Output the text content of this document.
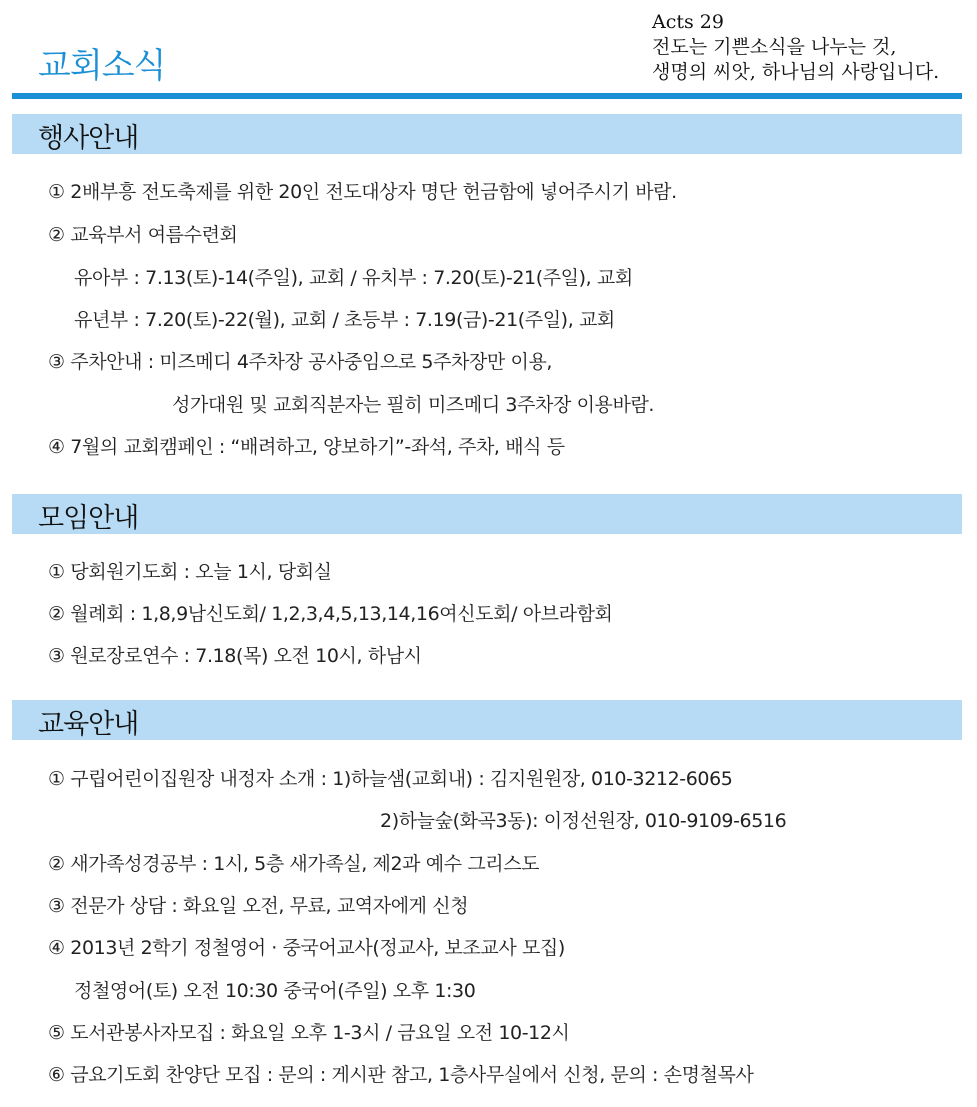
교회소식
Acts 29
전도는 기쁜소식을 나누는 것,
생명의 씨앗, 하나님의 사랑입니다.
행사안내
① 2배부흥 전도축제를 위한 20인 전도대상자 명단 헌금함에 넣어주시기 바람.
② 교육부서 여름수련회
유아부 : 7.13(토)-14(주일), 교회 / 유치부 : 7.20(토)-21(주일), 교회
유년부 : 7.20(토)-22(월), 교회 / 초등부 : 7.19(금)-21(주일), 교회
③ 주차안내 : 미즈메디 4주차장 공사중임으로 5주차장만 이용,
성가대원 및 교회직분자는 필히 미즈메디 3주차장 이용바람.
④ 7월의 교회캠페인 : “배려하고, 양보하기”-좌석, 주차, 배식 등
모임안내
① 당회원기도회 : 오늘 1시, 당회실
② 월례회 : 1,8,9남신도회/ 1,2,3,4,5,13,14,16여신도회/ 아브라함회
③ 원로장로연수 : 7.18(목) 오전 10시, 하남시
교육안내
① 구립어린이집원장 내정자 소개 : 1)하늘샘(교회내) : 김지원원장, 010-3212-6065
2)하늘숲(화곡3동): 이정선원장, 010-9109-6516
② 새가족성경공부 : 1시, 5층 새가족실, 제2과 예수 그리스도
③ 전문가 상담 : 화요일 오전, 무료, 교역자에게 신청
④ 2013년 2학기 정철영어 · 중국어교사(정교사, 보조교사 모집)
정철영어(토) 오전 10:30 중국어(주일) 오후 1:30
⑤ 도서관봉사자모집 : 화요일 오후 1-3시 / 금요일 오전 10-12시
⑥ 금요기도회 찬양단 모집 : 문의 : 게시판 참고, 1층사무실에서 신청, 문의 : 손명철목사
